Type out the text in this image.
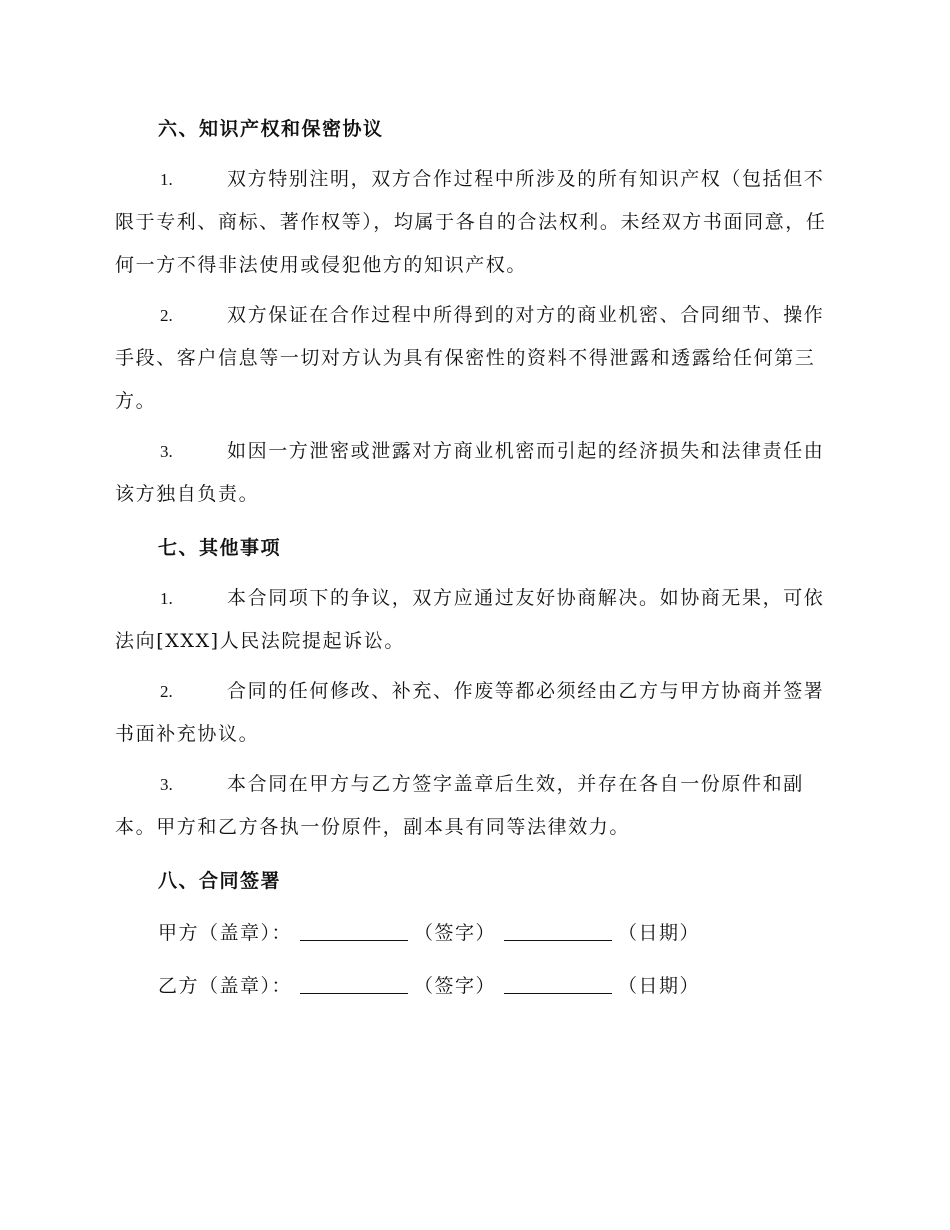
六、知识产权和保密协议
1.	双方特别注明，双方合作过程中所涉及的所有知识产权（包括但不限于专利、商标、著作权等），均属于各自的合法权利。未经双方书面同意，任何一方不得非法使用或侵犯他方的知识产权。
2.	双方保证在合作过程中所得到的对方的商业机密、合同细节、操作手段、客户信息等一切对方认为具有保密性的资料不得泄露和透露给任何第三方。
3.	如因一方泄密或泄露对方商业机密而引起的经济损失和法律责任由该方独自负责。
七、其他事项
1.	本合同项下的争议，双方应通过友好协商解决。如协商无果，可依法向[XXX]人民法院提起诉讼。
2.	合同的任何修改、补充、作废等都必须经由乙方与甲方协商并签署书面补充协议。
3.	本合同在甲方与乙方签字盖章后生效，并存在各自一份原件和副本。甲方和乙方各执一份原件，副本具有同等法律效力。
八、合同签署
甲方（盖章）：	（签字）	（日期）
乙方（盖章）：	（签字）	（日期）
